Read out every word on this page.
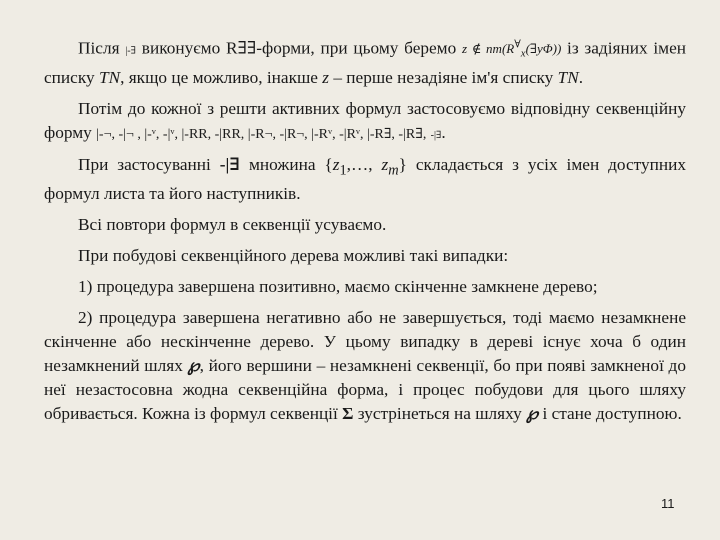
Після |-∃ виконуємо R∃∃-форми, при цьому беремо z ∉ $nm(R^\forall_x(\exists y\Phi))$ із задіяних імен списку TN, якщо це можливо, інакше z – перше незадіяне ім'я списку TN.

Потім до кожної з решти активних формул застосовуємо відповідну секвенційну форму |-¬, -|¬ , |-ᵛ, -|ᵛ, |-RR, -|RR, |-R¬, -|R¬, |-Rᵛ, -|Rᵛ, |-R∃, -|R∃, -|∃.

При застосуванні -|∃ множина {$z_1,\dots$, $z_m$} складається з усіх імен доступних формул листа та його наступників.

Всі повтори формул в секвенції усуваємо.

При побудові секвенційного дерева можливі такі випадки:

1) процедура завершена позитивно, маємо скінченне замкнене дерево;

2) процедура завершена негативно або не завершується, тоді маємо незамкнене скінченне або нескінченне дерево. У цьому випадку в дереві існує хоча б один незамкнений шлях ℘, його вершини – незамкнені секвенції, бо при появі замкненої до неї незастосовна жодна секвенційна форма, і процес побудови для цього шляху обривається. Кожна із формул секвенції Σ зустрінеться на шляху ℘ і стане доступною.

11
